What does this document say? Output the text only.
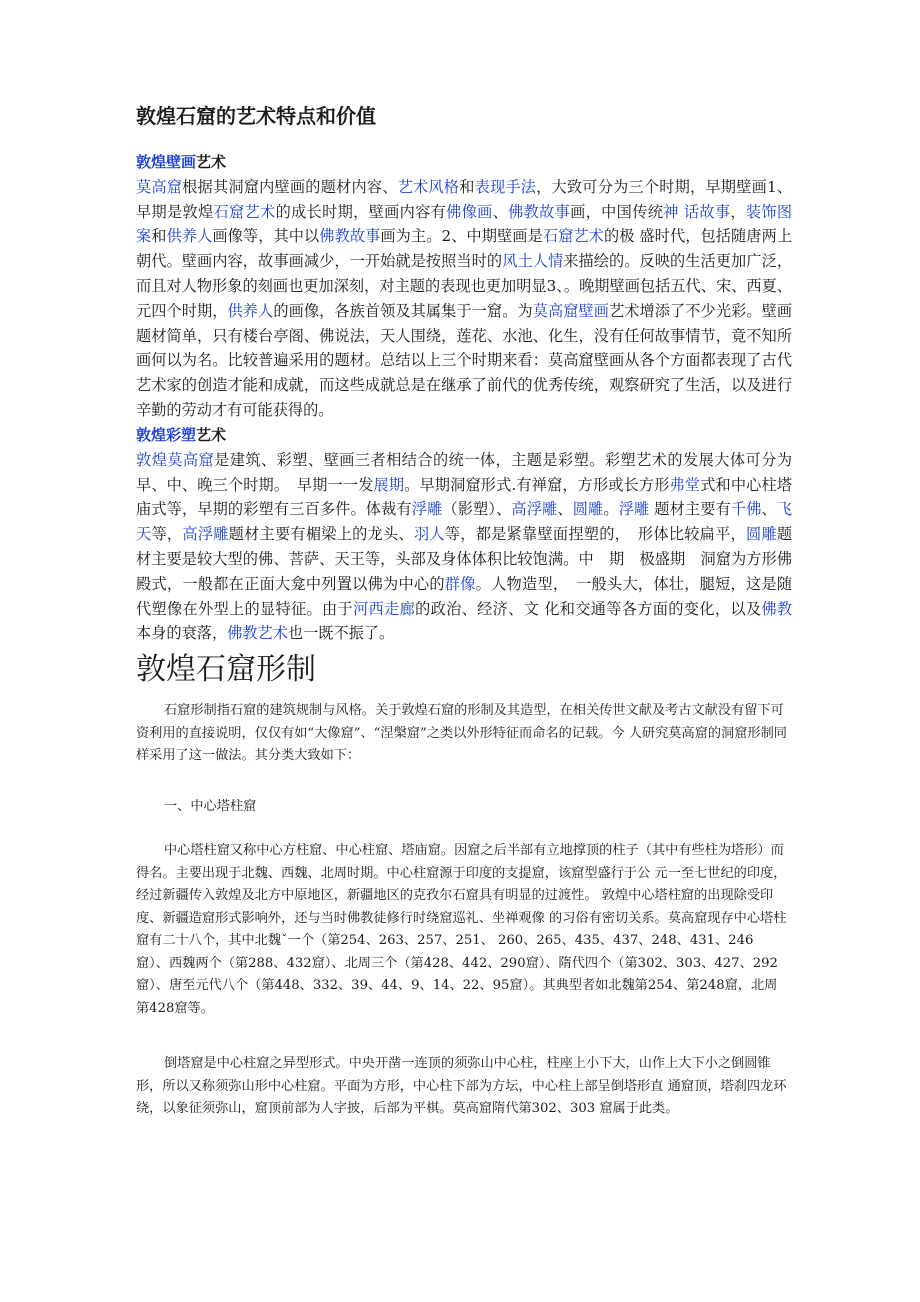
敦煌石窟的艺术特点和价值

敦煌壁画艺术

莫高窟根据其洞窟内壁画的题材内容、艺术风格和表现手法，大致可分为三个时期，早期壁画1、早期是敦煌石窟艺术的成长时期，壁画内容有佛像画、佛教故事画，中国传统神 话故事，装饰图案和供养人画像等，其中以佛教故事画为主。2、中期壁画是石窟艺术的极 盛时代，包括随唐两上朝代。壁画内容，故事画减少，一开始就是按照当时的风土人情来描绘的。反映的生活更加广泛，而且对人物形象的刻画也更加深刻，对主题的表现也更加明显3、。晚期壁画包括五代、宋、西夏、元四个时期，供养人的画像，各族首领及其属集于一窟。为莫高窟壁画艺术增添了不少光彩。壁画题材简单，只有楼台亭阁、佛说法，天人围绕，莲花、水池、化生，没有任何故事情节，竟不知所画何以为名。比较普遍采用的题材。总结以上三个时期来看：莫高窟壁画从各个方面都表现了古代艺术家的创造才能和成就，而这些成就总是在继承了前代的优秀传统，观察研究了生活，以及进行辛勤的劳动才有可能获得的。

敦煌彩塑艺术

敦煌莫高窟是建筑、彩塑、壁画三者相结合的统一体，主题是彩塑。彩塑艺术的发展大体可分为早、中、晚三个时期。　早期一一发展期。早期洞窟形式.有禅窟，方形或长方形弗堂式和中心柱塔庙式等，早期的彩塑有三百多件。体裁有浮雕（影塑）、高浮雕、圆雕。浮雕 题材主要有千佛、飞天等，高浮雕题材主要有楣梁上的龙头、羽人等，都是紧靠壁面捏塑的，　形体比较扁平，圆雕题材主要是较大型的佛、菩萨、天王等，头部及身体体积比较饱满。中　期　极盛期　洞窟为方形佛殿式，一般都在正面大龛中列置以佛为中心的群像。人物造型，　一般头大，体壮，腿短，这是随代塑像在外型上的显特征。由于河西走廊的政治、经济、文 化和交通等各方面的变化，以及佛教本身的衰落，佛教艺术也一既不振了。

敦煌石窟形制

石窟形制指石窟的建筑规制与风格。关于敦煌石窟的形制及其造型，在相关传世文献及考古文献没有留下可资利用的直接说明，仅仅有如“大像窟”、“涅槃窟”之类以外形特征而命名的记载。今 人研究莫高窟的洞窟形制同样采用了这一做法。其分类大致如下：

一、中心塔柱窟

中心塔柱窟又称中心方柱窟、中心柱窟、塔庙窟。因窟之后半部有立地撑顶的柱子（其中有些柱为塔形）而得名。主要出现于北魏、西魏、北周时期。中心柱窟源于印度的支提窟，该窟型盛行于公 元一至七世纪的印度，经过新疆传入敦煌及北方中原地区，新疆地区的克孜尔石窟具有明显的过渡性。 敦煌中心塔柱窟的出现除受印度、新疆造窟形式影响外，还与当时佛教徒修行时绕窟巡礼、坐禅观像 的习俗有密切关系。莫高窟现存中心塔柱窟有二十八个，其中北魏ˇ一个（第254、263、257、251、 260、265、435、437、248、431、246 窟）、西魏两个（第288、432窟）、北周三个（第428、442、290窟）、隋代四个（第302、303、427、292 窟）、唐至元代八个（第448、332、39、44、9、14、22、95窟）。其典型者如北魏第254、第248窟，北周第428窟等。

倒塔窟是中心柱窟之异型形式。中央开凿一连顶的须弥山中心柱，柱座上小下大，山作上大下小之倒圆锥形，所以又称须弥山形中心柱窟。平面为方形，中心柱下部为方坛，中心柱上部呈倒塔形直 通窟顶，塔刹四龙环绕，以象征须弥山，窟顶前部为人字披，后部为平棋。莫高窟隋代第302、303 窟属于此类。
